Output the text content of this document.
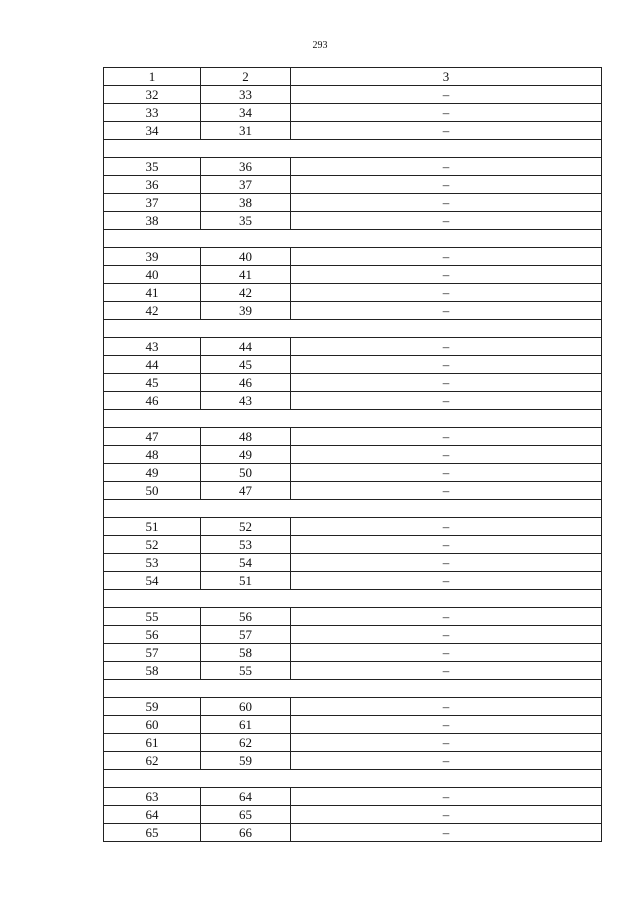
293
1	2	3
32	33	–
33	34	–
34	31	–

35	36	–
36	37	–
37	38	–
38	35	–

39	40	–
40	41	–
41	42	–
42	39	–

43	44	–
44	45	–
45	46	–
46	43	–

47	48	–
48	49	–
49	50	–
50	47	–

51	52	–
52	53	–
53	54	–
54	51	–

55	56	–
56	57	–
57	58	–
58	55	–

59	60	–
60	61	–
61	62	–
62	59	–

63	64	–
64	65	–
65	66	–
